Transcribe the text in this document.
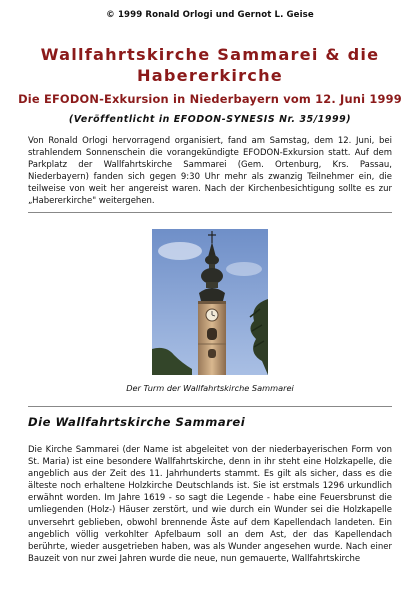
© 1999 Ronald Orlogi und Gernot L. Geise
Wallfahrtskirche Sammarei & die Habererkirche
Die EFODON-Exkursion in Niederbayern vom 12. Juni 1999
(Veröffentlicht in EFODON-SYNESIS Nr. 35/1999)
Von Ronald Orlogi hervorragend organisiert, fand am Samstag, dem 12. Juni, bei strahlendem Sonnenschein die vorangekündigte EFODON-Exkursion statt. Auf dem Parkplatz der Wallfahrtskirche Sammarei (Gem. Ortenburg, Krs. Passau, Niederbayern) fanden sich gegen 9:30 Uhr mehr als zwanzig Teilnehmer ein, die teilweise von weit her angereist waren. Nach der Kirchenbesichtigung sollte es zur „Habererkirche" weitergehen.
Der Turm der Wallfahrtskirche Sammarei
Die Wallfahrtskirche Sammarei
Die Kirche Sammarei (der Name ist abgeleitet von der niederbayerischen Form von St. Maria) ist eine besondere Wallfahrtskirche, denn in ihr steht eine Holzkapelle, die angeblich aus der Zeit des 11. Jahrhunderts stammt. Es gilt als sicher, dass es die älteste noch erhaltene Holzkirche Deutschlands ist. Sie ist erstmals 1296 urkundlich erwähnt worden. Im Jahre 1619 - so sagt die Legende - habe eine Feuersbrunst die umliegenden (Holz-) Häuser zerstört, und wie durch ein Wunder sei die Holzkapelle unversehrt geblieben, obwohl brennende Äste auf dem Kapellendach landeten. Ein angeblich völlig verkohlter Apfelbaum soll an dem Ast, der das Kapellendach berührte, wieder ausgetrieben haben, was als Wunder angesehen wurde. Nach einer Bauzeit von nur zwei Jahren wurde die neue, nun gemauerte, Wallfahrtskirche
